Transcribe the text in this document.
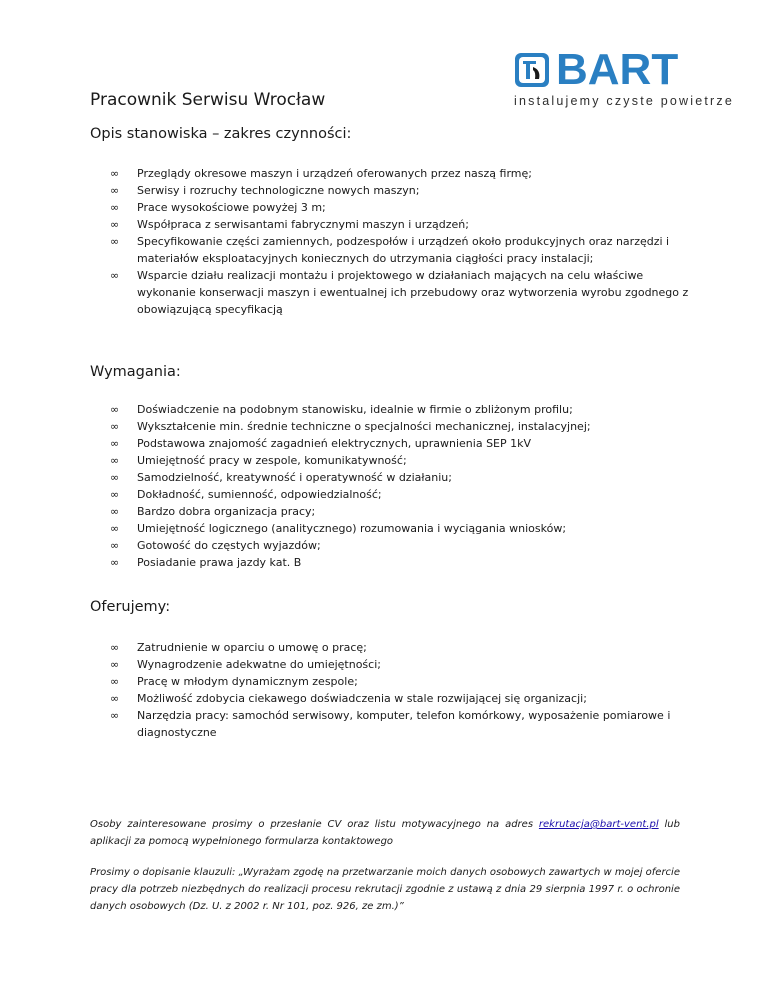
BART
instalujemy czyste powietrze
Pracownik Serwisu Wrocław
Opis stanowiska – zakres czynności:
∞ Przeglądy okresowe maszyn i urządzeń oferowanych przez naszą firmę;
∞ Serwisy i rozruchy technologiczne nowych maszyn;
∞ Prace wysokościowe powyżej 3 m;
∞ Współpraca z serwisantami fabrycznymi maszyn i urządzeń;
∞ Specyfikowanie części zamiennych, podzespołów i urządzeń około produkcyjnych oraz narzędzi i materiałów eksploatacyjnych koniecznych do utrzymania ciągłości pracy instalacji;
∞ Wsparcie działu realizacji montażu i projektowego w działaniach mających na celu właściwe wykonanie konserwacji maszyn i ewentualnej ich przebudowy oraz wytworzenia wyrobu zgodnego z obowiązującą specyfikacją
Wymagania:
∞ Doświadczenie na podobnym stanowisku, idealnie w firmie o zbliżonym profilu;
∞ Wykształcenie min. średnie techniczne o specjalności mechanicznej, instalacyjnej;
∞ Podstawowa znajomość zagadnień elektrycznych, uprawnienia SEP 1kV
∞ Umiejętność pracy w zespole, komunikatywność;
∞ Samodzielność, kreatywność i operatywność w działaniu;
∞ Dokładność, sumienność, odpowiedzialność;
∞ Bardzo dobra organizacja pracy;
∞ Umiejętność logicznego (analitycznego) rozumowania i wyciągania wniosków;
∞ Gotowość do częstych wyjazdów;
∞ Posiadanie prawa jazdy kat. B
Oferujemy:
∞ Zatrudnienie w oparciu o umowę o pracę;
∞ Wynagrodzenie adekwatne do umiejętności;
∞ Pracę w młodym dynamicznym zespole;
∞ Możliwość zdobycia ciekawego doświadczenia w stale rozwijającej się organizacji;
∞ Narzędzia pracy: samochód serwisowy, komputer, telefon komórkowy, wyposażenie pomiarowe i diagnostyczne

Osoby zainteresowane prosimy o przesłanie CV oraz listu motywacyjnego na adres rekrutacja@bart-vent.pl lub aplikacji za pomocą wypełnionego formularza kontaktowego

Prosimy o dopisanie klauzuli: „Wyrażam zgodę na przetwarzanie moich danych osobowych zawartych w mojej ofercie pracy dla potrzeb niezbędnych do realizacji procesu rekrutacji zgodnie z ustawą z dnia 29 sierpnia 1997 r. o ochronie danych osobowych (Dz. U. z 2002 r. Nr 101, poz. 926, ze zm.)”
